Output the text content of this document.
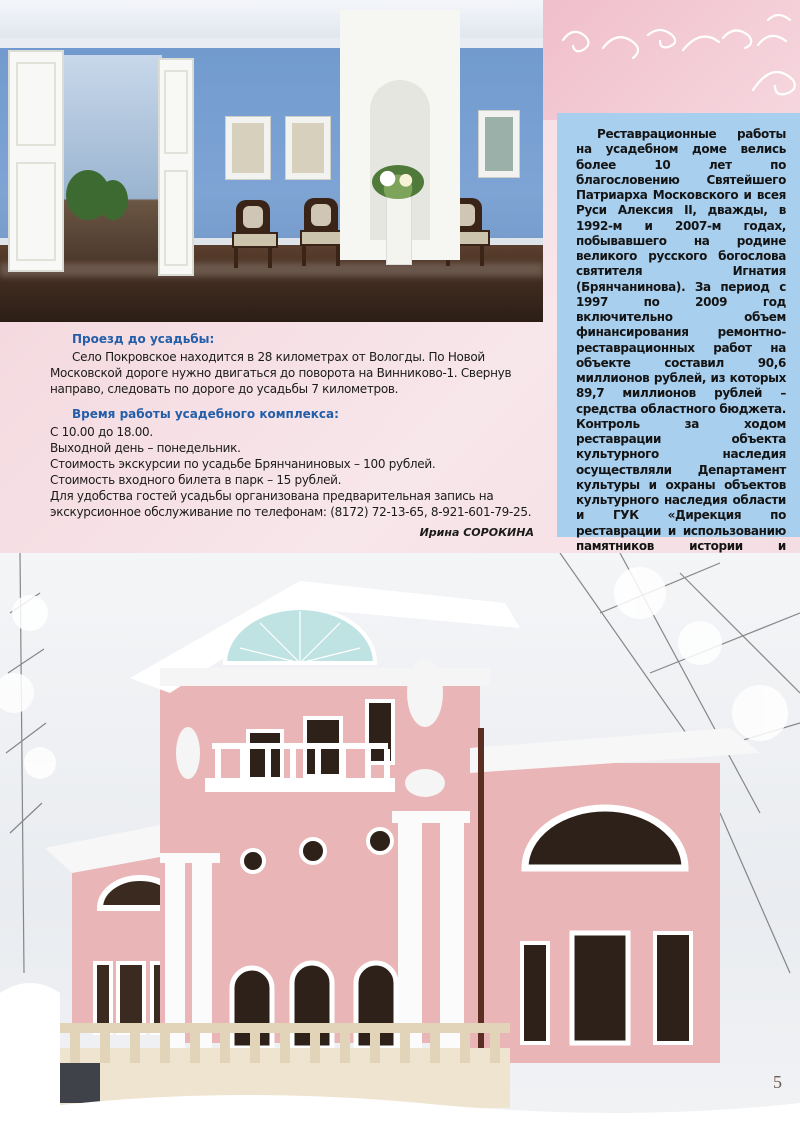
Реставрационные работы на усадебном доме велись более 10 лет по благословению Святейшего Патриарха Московского и всея Руси Алексия II, дважды, в 1992-м и 2007-м годах, побывавшего на родине великого русского богослова святителя Игнатия (Брянчанинова). За период с 1997 по 2009 год включительно объем финансирования ремонтно-реставрационных работ на объекте составил 90,6 миллионов рублей, из которых 89,7 миллионов рублей – средства областного бюджета. Контроль за ходом реставрации объекта культурного наследия осуществляли Департамент культуры и охраны объектов культурного наследия области и ГУК «Дирекция по реставрации и использованию памятников истории и

Проезд до усадьбы:

Село Покровское находится в 28 километрах от Вологды. По Новой Московской дороге нужно двигаться до поворота на Винниково-1. Свернув направо, следовать по дороге до усадьбы 7 километров.

Время работы усадебного комплекса:

С 10.00 до 18.00.

Выходной день – понедельник.

Стоимость экскурсии по усадьбе Брянчаниновых – 100 рублей.

Стоимость входного билета в парк – 15 рублей.

Для удобства гостей усадьбы организована предварительная запись на экскурсионное обслуживание по телефонам: (8172) 72-13-65, 8-921-601-79-25.

Ирина СОРОКИНА
5
